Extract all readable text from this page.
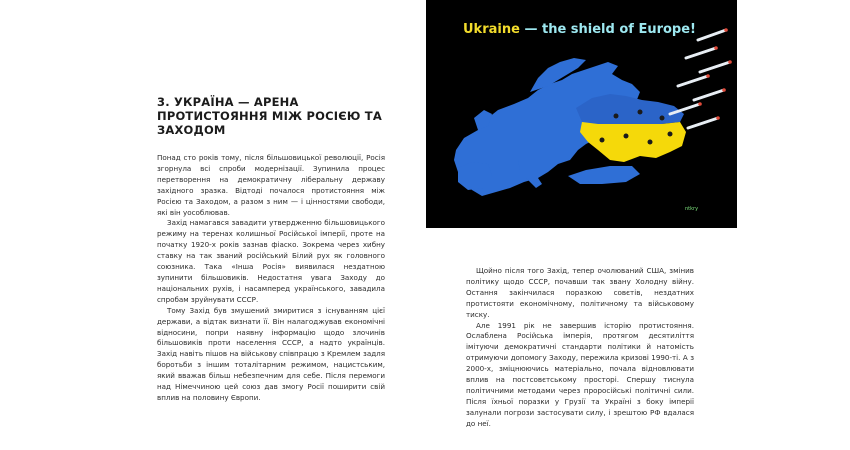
3. УКРАЇНА — АРЕНА ПРОТИСТОЯННЯ МІЖ РОСІЄЮ ТА ЗАХОДОМ

Понад сто років тому, після більшовицької революції, Росія згорнула всі спроби модернізації. Зупинила процес перетворення на демократичну ліберальну державу західного зразка. Відтоді почалося протистояння між Росією та Заходом, а разом з ним — і цінностями свободи, які він уособлював.

Захід намагався завадити утвердженню більшовицького режиму на теренах колишньої Російської імперії, проте на початку 1920-х років зазнав фіаско. Зокрема через хибну ставку на так званий російський Білий рух як головного союзника. Така «Інша Росія» виявилася нездатною зупинити більшовиків. Недостатня увага Заходу до національних рухів, і насамперед українського, завадила спробам зруйнувати СССР.

Тому Захід був змушений змиритися з існуванням цієї держави, а відтак визнати її. Він налагоджував економічні відносини, попри наявну інформацію щодо злочинів більшовиків проти населення СССР, а надто українців. Захід навіть пішов на військову співпрацю з Кремлем задля боротьби з іншим тоталітарним режимом, нацистським, який вважав більш небезпечним для себе. Після перемоги над Німеччиною цей союз дав змогу Росії поширити свій вплив на половину Європи.

Щойно після того Захід, тепер очолюваний США, змінив політику щодо СССР, почавши так звану Холодну війну. Остання закінчилася поразкою совєтів, нездатних протистояти економічному, політичному та військовому тиску.

Але 1991 рік не завершив історію протистояння. Ослаблена Російська імперія, протягом десятиліття імітуючи демократичні стандарти політики й натомість отримуючи допомогу Заходу, пережила кризові 1990-ті. А з 2000-х, зміцнюючись матеріально, почала відновлювати вплив на постсовєтському просторі. Спершу тиснула політичними методами через проросійські політичні сили. Після їхньої поразки у Грузії та Україні з боку імперії залунали погрози застосувати силу, і зрештою РФ вдалася до неї.

Ukraine — the shield of Europe!
ntkry
